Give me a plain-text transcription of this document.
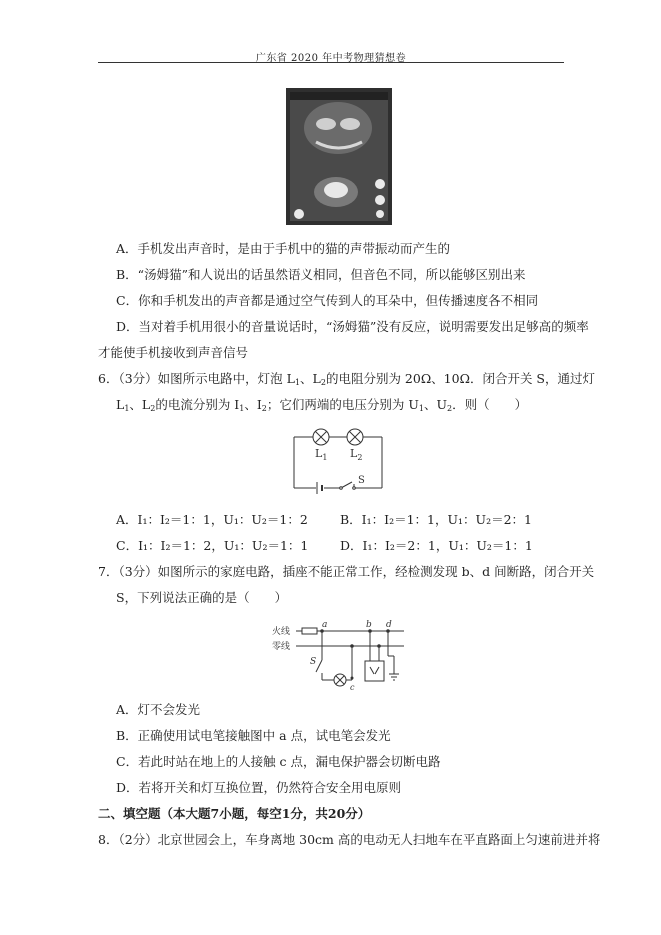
广东省 2020 年中考物理猜想卷
A．手机发出声音时，是由于手机中的猫的声带振动而产生的
B．“汤姆猫”和人说出的话虽然语义相同，但音色不同，所以能够区别出来
C．你和手机发出的声音都是通过空气传到人的耳朵中，但传播速度各不相同
D．当对着手机用很小的音量说话时，“汤姆猫”没有反应，说明需要发出足够高的频率
才能使手机接收到声音信号
6．（3分）如图所示电路中，灯泡 $L_1$、$L_2$的电阻分别为 20Ω、10Ω．闭合开关 S，通过灯
$L_1$、$L_2$的电流分别为 $I_1$、$I_2$；它们两端的电压分别为 $U_1$、$U_2$．则（　　）
$L_1$ $L_2$
S
A．I₁：I₂＝1：1，U₁：U₂＝1：2	B．I₁：I₂＝1：1，U₁：U₂＝2：1
C．I₁：I₂＝1：2，U₁：U₂＝1：1	D．I₁：I₂＝2：1，U₁：U₂＝1：1
7．（3分）如图所示的家庭电路，插座不能正常工作，经检测发现 b、d 间断路，闭合开关
S，下列说法正确的是（　　）
火线
零线
a	b d
c
S
A．灯不会发光
B．正确使用试电笔接触图中 a 点，试电笔会发光
C．若此时站在地上的人接触 c 点，漏电保护器会切断电路
D．若将开关和灯互换位置，仍然符合安全用电原则
二、填空题（本大题7小题，每空1分，共20分）
8．（2分）北京世园会上，车身离地 30cm 高的电动无人扫地车在平直路面上匀速前进并将
